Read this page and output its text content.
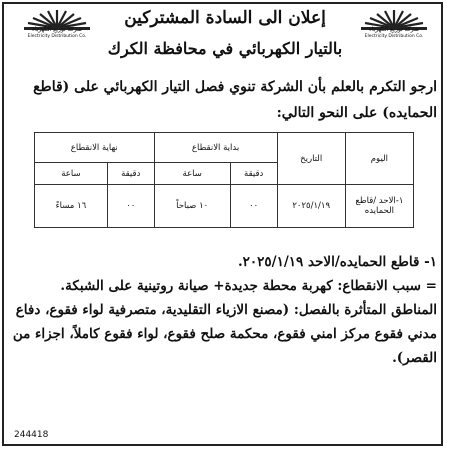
شركة توزيع الكهرباء
Electricity Distribution Co.
شركة توزيع الكهرباء
Electricity Distribution Co.
إعلان الى السادة المشتركين
بالتيار الكهربائي في محافظة الكرك
ارجو التكرم بالعلم بأن الشركة تنوي فصل التيار الكهربائي على (قاطع الحمايده) على النحو التالي:
اليوم	التاريخ	بداية الانقطاع		نهاية الانقطاع	
		دقيقة	ساعة	دقيقة	ساعة
١-الاحد /قاطع الحمايده	٢٠٢٥/١/١٩	٠٠	١٠ صباحاً	٠٠	١٦ مساءً

١- قاطع الحمايده/الاحد ٢٠٢٥/١/١٩.

= سبب الانقطاع: كهربة محطة جديدة+ صيانة روتينية على الشبكة.

المناطق المتأثرة بالفصل: (مصنع الازياء التقليدية، متصرفية لواء فقوع، دفاع مدني فقوع مركز امني فقوع، محكمة صلح فقوع، لواء فقوع كاملاً، اجزاء من القصر).

244418
